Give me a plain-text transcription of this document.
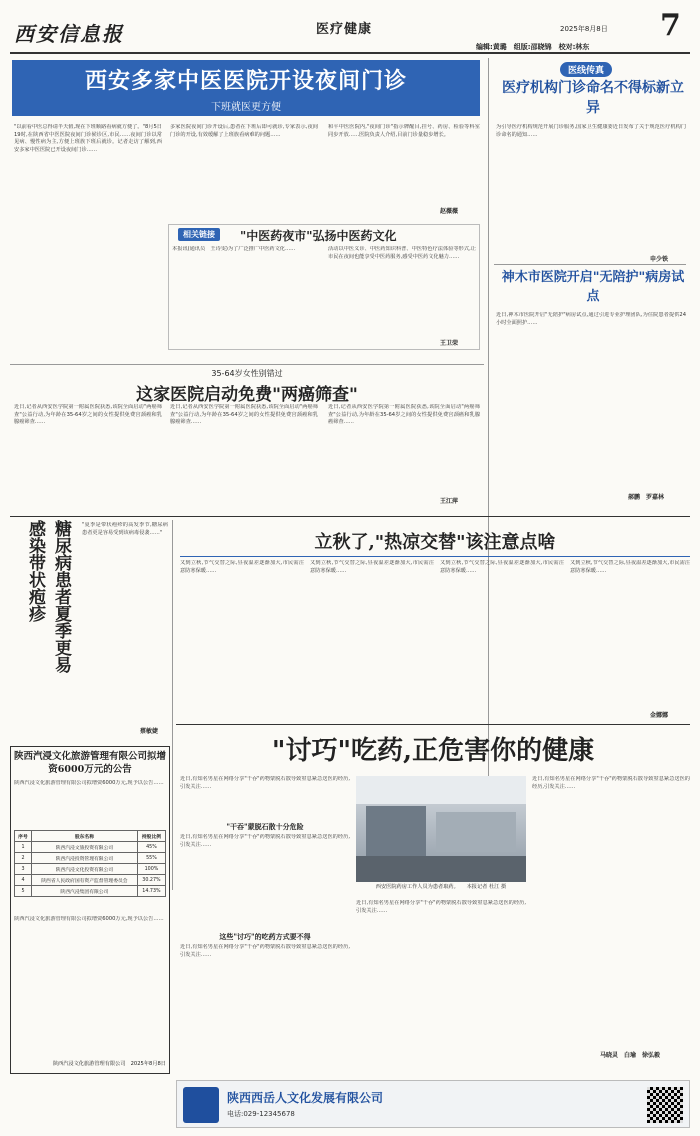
西安信息报	医疗健康	2025年8月8日 7
编辑:黄璐　组版:邵晓锦　校对:林东
西安多家中医医院开设夜间门诊
下班就医更方便
"以前看中医总得请半天假,现在下班顺路看病就方便了。"8月5日19时,在陕西省中医医院夜间门诊候诊区,市民……夜间门诊以常见病、慢性病为主,方便上班族下班后就诊。记者走访了解到,西安多家中医医院已开设夜间门诊……
多家医院夜间门诊开设后,患者在下班后即可就诊,专家表示,夜间门诊的开设,有效缓解了上班族看病难的问题……
和平中医医院内,"夜间门诊"指示牌醒目,挂号、药房、检验等科室同步开放……医院负责人介绍,目前门诊量稳步增长。
赵薇薇
相关链接	"中医药夜市"弘扬中医药文化
本报讯(通讯员　王诗雯)为了广泛推广中医药文化……	活动以中医义诊、中医药知识科普、中医特色疗法体验等形式,让市民在夜间也能享受中医药服务,感受中医药文化魅力……
王卫荣
医线传真
医疗机构门诊命名不得标新立异
为引导医疗机构规范开展门诊服务,国家卫生健康委近日发布了关于规范医疗机构门诊命名的通知……
申少铁
神木市医院开启"无陪护"病房试点
近日,神木市医院开启"无陪护"病房试点,通过引进专业护理团队,为住院患者提供24小时全面照护……
郝鹏　罗嘉林
35-64岁女性别错过
这家医院启动免费"两癌筛查"
近日,记者从西安医学院第一附属医院获悉,该院全面启动"两癌筛查"公益行动,为年龄在35-64岁之间的女性提供免费宫颈癌和乳腺癌筛查……
近日,记者从西安医学院第一附属医院获悉,该院全面启动"两癌筛查"公益行动,为年龄在35-64岁之间的女性提供免费宫颈癌和乳腺癌筛查……
近日,记者从西安医学院第一附属医院获悉,该院全面启动"两癌筛查"公益行动,为年龄在35-64岁之间的女性提供免费宫颈癌和乳腺癌筛查……
王江萍
糖尿病患者夏季更易感染带状疱疹	"夏季是带状疱疹的高发季节,糖尿病患者更是容易受到该病毒侵袭……"
蔡敏婕
立秋了,"热凉交替"该注意点啥
又到立秋,节气交替之际,昼夜温差逐渐加大,市民需注意防寒保暖……
又到立秋,节气交替之际,昼夜温差逐渐加大,市民需注意防寒保暖……
又到立秋,节气交替之际,昼夜温差逐渐加大,市民需注意防寒保暖……
又到立秋,节气交替之际,昼夜温差逐渐加大,市民需注意防寒保暖……
金娜娜
"讨巧"吃药,正危害你的健康
近日,有知名男星在网络分享"干吞"药物蒙脱石散导致窒息紧急送医的经历,引发关注……
"干吞"蒙脱石散十分危险
近日,有知名男星在网络分享"干吞"药物蒙脱石散导致窒息紧急送医的经历,引发关注……
这些"讨巧"的吃药方式要不得
近日,有知名男星在网络分享"干吞"药物蒙脱石散导致窒息紧急送医的经历,引发关注……
西安医院药房工作人员为患者取药。　　本报记者 杜江 摄
近日,有知名男星在网络分享"干吞"药物蒙脱石散导致窒息紧急送医的经历,引发关注……
近日,有知名男星在网络分享"干吞"药物蒙脱石散导致窒息紧急送医的经历,引发关注……
马晓灵　白瑜　徐弘毅
陕西汽浸文化旅游管理有限公司拟增资6000万元的公告
陕西汽浸文化旅游管理有限公司拟增资6000万元,现予以公告……
序号	股东名称	持股比例
1	陕西汽浸文旅投资有限公司	45%
2	陕西汽浸投资管理有限公司	55%
3	陕西汽浸文化投资有限公司	100%
4	陕西省人民政府国有资产监督管理委员会	30.27%
5	陕西汽浸集团有限公司	14.73%
陕西汽浸文化旅游管理有限公司拟增资6000万元,现予以公告……
陕西汽浸文化旅游管理有限公司　2025年8月8日
陕西西岳人文化发展有限公司
电话:029-12345678
